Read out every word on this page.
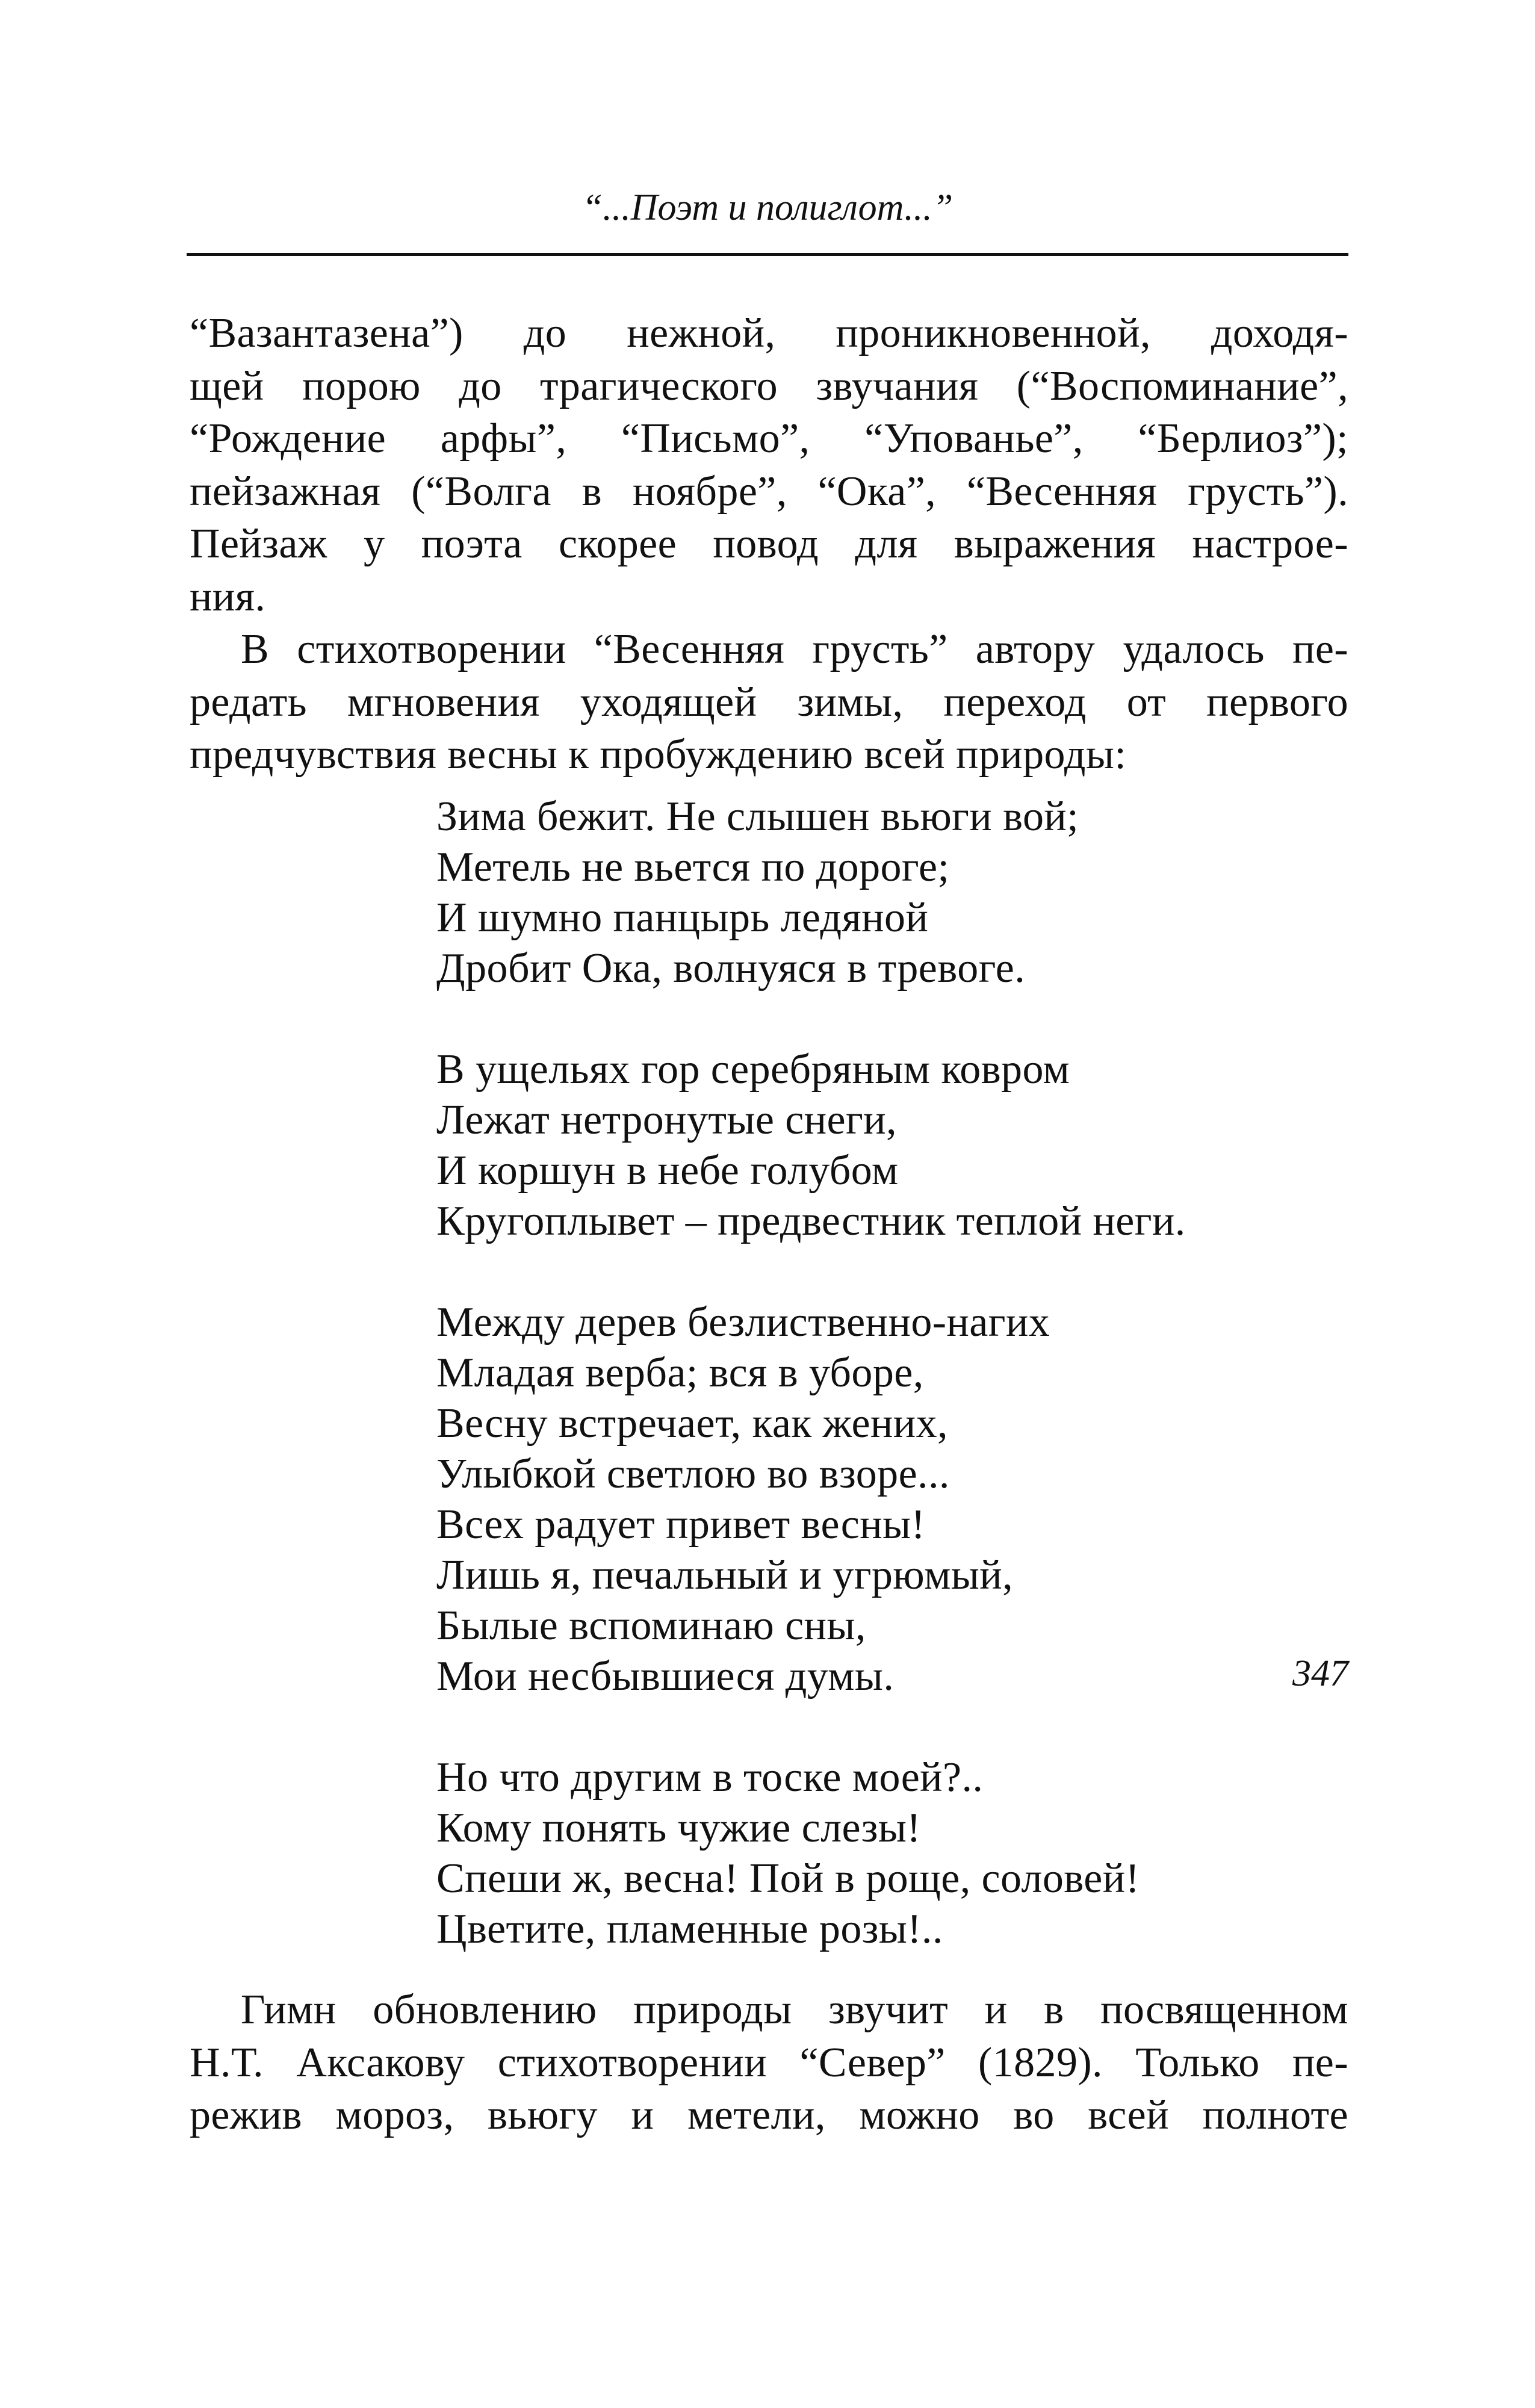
“...Поэт и полиглот...”
“Вазантазена”) до нежной, проникновенной, доходя-
щей порою до трагического звучания (“Воспоминание”,
“Рождение арфы”, “Письмо”, “Упованье”, “Берлиоз”);
пейзажная (“Волга в ноябре”, “Ока”, “Весенняя грусть”).
Пейзаж у поэта скорее повод для выражения настрое-
ния.
В стихотворении “Весенняя грусть” автору удалось пе-
редать мгновения уходящей зимы, переход от первого
предчувствия весны к пробуждению всей природы:
Зима бежит. Не слышен вьюги вой;
Метель не вьется по дороге;
И шумно панцырь ледяной
Дробит Ока, волнуяся в тревоге.
В ущельях гор серебряным ковром
Лежат нетронутые снеги,
И коршун в небе голубом
Кругоплывет – предвестник теплой неги.
Между дерев безлиственно-нагих
Младая верба; вся в уборе,
Весну встречает, как жених,
Улыбкой светлою во взоре...
Всех радует привет весны!
Лишь я, печальный и угрюмый,
Былые вспоминаю сны,
Мои несбывшиеся думы.
Но что другим в тоске моей?..
Кому понять чужие слезы!
Спеши ж, весна! Пой в роще, соловей!
Цветите, пламенные розы!..
Гимн обновлению природы звучит и в посвященном
Н.Т. Аксакову стихотворении “Север” (1829). Только пе-
режив мороз, вьюгу и метели, можно во всей полноте
347
